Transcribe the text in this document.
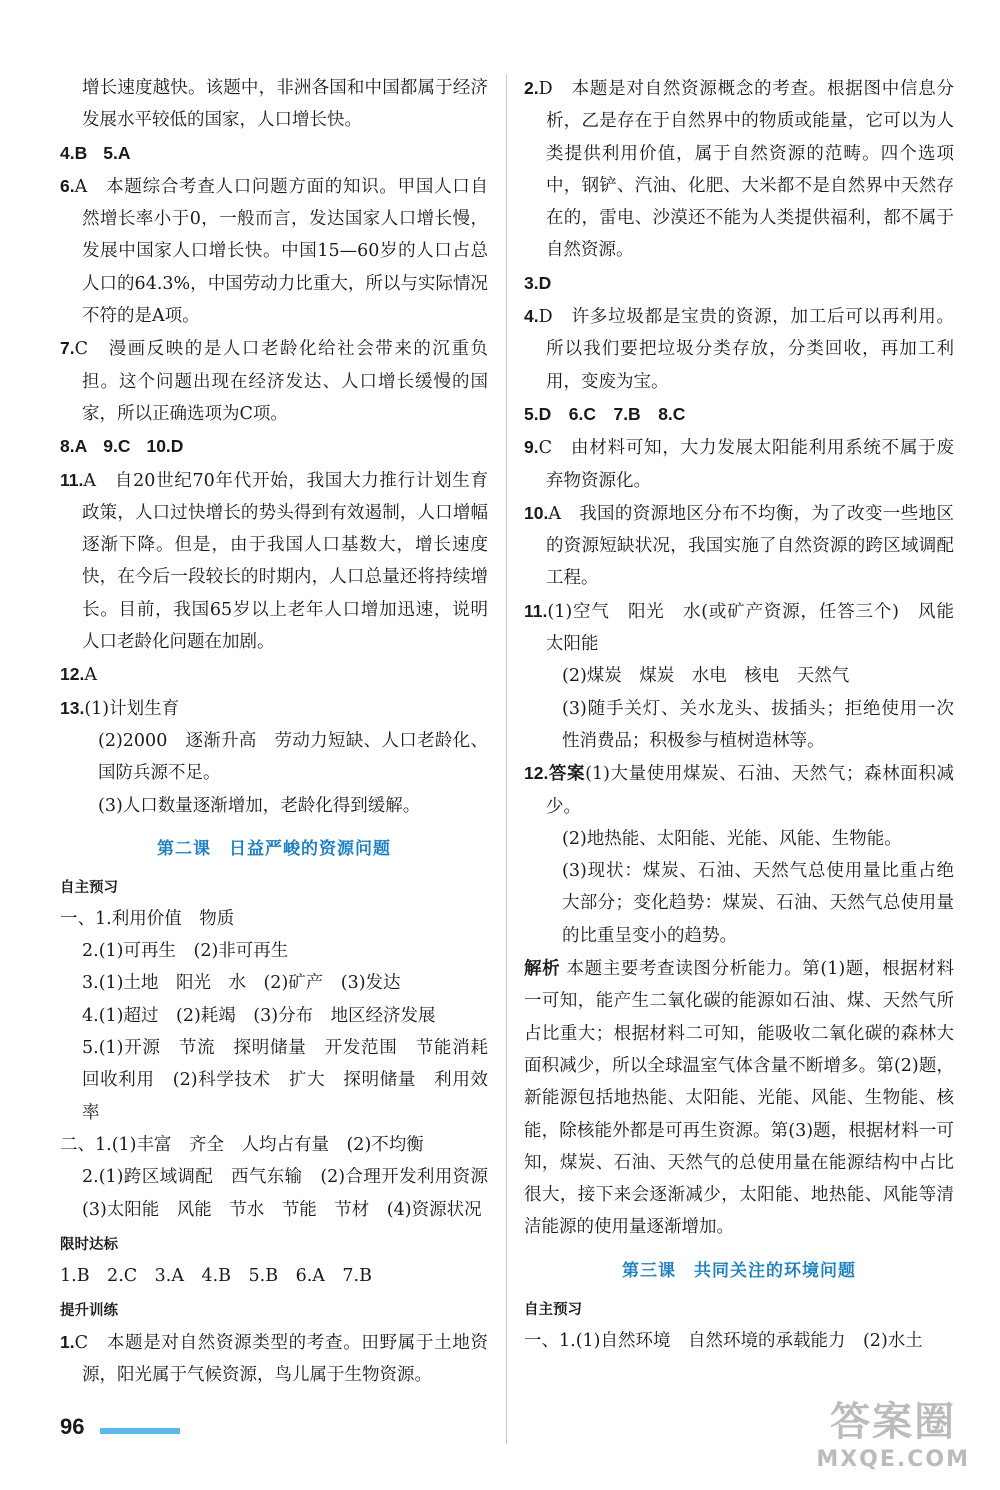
增长速度越快。该题中，非洲各国和中国都属于经济发展水平较低的国家，人口增长快。

4.B 5.A

6.A　本题综合考查人口问题方面的知识。甲国人口自然增长率小于0，一般而言，发达国家人口增长慢，发展中国家人口增长快。中国15—60岁的人口占总人口的64.3%，中国劳动力比重大，所以与实际情况不符的是A项。

7.C　漫画反映的是人口老龄化给社会带来的沉重负担。这个问题出现在经济发达、人口增长缓慢的国家，所以正确选项为C项。

8.A 9.C 10.D

11.A　自20世纪70年代开始，我国大力推行计划生育政策，人口过快增长的势头得到有效遏制，人口增幅逐渐下降。但是，由于我国人口基数大，增长速度快，在今后一段较长的时期内，人口总量还将持续增长。目前，我国65岁以上老年人口增加迅速，说明人口老龄化问题在加剧。

12.A

13.(1)计划生育

(2)2000　逐渐升高　劳动力短缺、人口老龄化、国防兵源不足。

(3)人口数量逐渐增加，老龄化得到缓解。

第二课　日益严峻的资源问题
自主预习

一、1.利用价值　物质

2.(1)可再生　(2)非可再生

3.(1)土地　阳光　水　(2)矿产　(3)发达

4.(1)超过　(2)耗竭　(3)分布　地区经济发展

5.(1)开源　节流　探明储量　开发范围　节能消耗　回收利用　(2)科学技术　扩大　探明储量　利用效率

二、1.(1)丰富　齐全　人均占有量　(2)不均衡

2.(1)跨区域调配　西气东输　(2)合理开发利用资源　(3)太阳能　风能　节水　节能　节材　(4)资源状况

限时达标

1.B　2.C　3.A　4.B　5.B　6.A　7.B

提升训练

1.C　本题是对自然资源类型的考查。田野属于土地资源，阳光属于气候资源，鸟儿属于生物资源。

2.D　本题是对自然资源概念的考查。根据图中信息分析，乙是存在于自然界中的物质或能量，它可以为人类提供利用价值，属于自然资源的范畴。四个选项中，钢铲、汽油、化肥、大米都不是自然界中天然存在的，雷电、沙漠还不能为人类提供福利，都不属于自然资源。

3.D

4.D　许多垃圾都是宝贵的资源，加工后可以再利用。所以我们要把垃圾分类存放，分类回收，再加工利用，变废为宝。

5.D　6.C　7.B　8.C

9.C　由材料可知，大力发展太阳能利用系统不属于废弃物资源化。

10.A　我国的资源地区分布不均衡，为了改变一些地区的资源短缺状况，我国实施了自然资源的跨区域调配工程。

11.(1)空气　阳光　水(或矿产资源，任答三个)　风能　太阳能

(2)煤炭　煤炭　水电　核电　天然气

(3)随手关灯、关水龙头、拔插头；拒绝使用一次性消费品；积极参与植树造林等。

12.答案(1)大量使用煤炭、石油、天然气；森林面积减少。

(2)地热能、太阳能、光能、风能、生物能。

(3)现状：煤炭、石油、天然气总使用量比重占绝大部分；变化趋势：煤炭、石油、天然气总使用量的比重呈变小的趋势。

解析 本题主要考查读图分析能力。第(1)题，根据材料一可知，能产生二氧化碳的能源如石油、煤、天然气所占比重大；根据材料二可知，能吸收二氧化碳的森林大面积减少，所以全球温室气体含量不断增多。第(2)题，新能源包括地热能、太阳能、光能、风能、生物能、核能，除核能外都是可再生资源。第(3)题，根据材料一可知，煤炭、石油、天然气的总使用量在能源结构中占比很大，接下来会逐渐减少，太阳能、地热能、风能等清洁能源的使用量逐渐增加。

第三课　共同关注的环境问题
自主预习

一、1.(1)自然环境　自然环境的承载能力　(2)水土

96	答案圈
MXQE.COM
